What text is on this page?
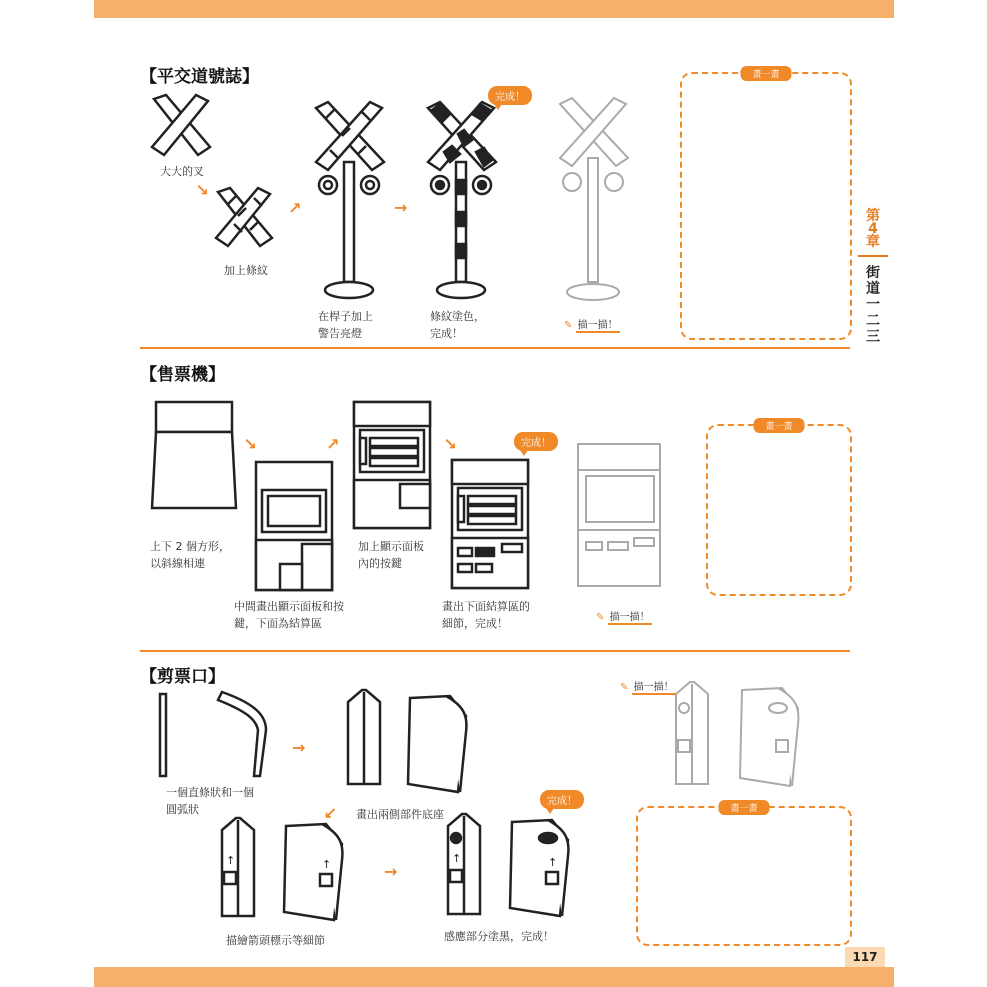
117
第4章
街道一二三
【平交道號誌】
大大的叉
→
加上條紋
→
在桿子加上
警告亮燈
→
完成！
條紋塗色，
完成！
✎ 描一描！
畫一畫
【售票機】
上下 2 個方形，
以斜線相連
→
中間畫出顯示面板和按
鍵，下面為結算區
→
加上顯示面板
內的按鍵
→	完成！
畫出下面結算區的
細節，完成！	✎ 描一描！
畫一畫
【剪票口】
一個直條狀和一個
圓弧狀
→
畫出兩側部件底座
→
↑	↑
描繪箭頭標示等細節
→
↑	↑
完成！
感應部分塗黑，完成！
✎ 描一描！
畫一畫
